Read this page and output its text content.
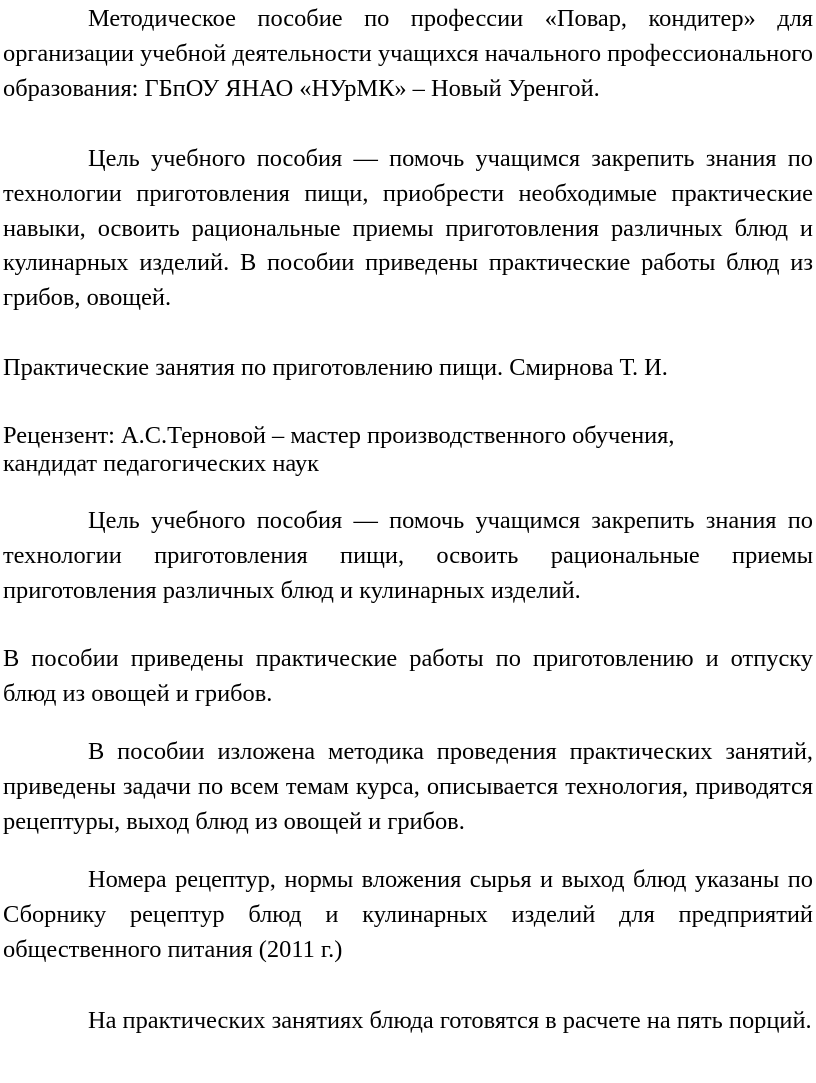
Методическое пособие по профессии «Повар, кондитер» для организации учебной деятельности учащихся начального профессионального образования: ГБпОУ ЯНАО «НУрМК» – Новый Уренгой.

Цель учебного пособия — помочь учащимся закрепить знания по технологии приготовления пищи, приобрести необходимые практические навыки, освоить рациональные приемы приготовления различных блюд и кулинарных изделий. В пособии приведены практические работы блюд из грибов, овощей.

Практические занятия по приготовлению пищи. Смирнова Т. И.

Рецензент: А.С.Терновой – мастер производственного обучения,
кандидат педагогических наук

Цель учебного пособия — помочь учащимся закрепить знания по технологии приготовления пищи, освоить рациональные приемы приготовления различных блюд и кулинарных изделий.

В пособии приведены практические работы по приготовлению и отпуску блюд из овощей и грибов.

В пособии изложена методика проведения практических занятий, приведены задачи по всем темам курса, описывается технология, приводятся рецептуры, выход блюд из овощей и грибов.

Номера рецептур, нормы вложения сырья и выход блюд указаны по Сборнику рецептур блюд и кулинарных изделий для предприятий общественного питания (2011 г.)

На практических занятиях блюда готовятся в расчете на пять порций.
